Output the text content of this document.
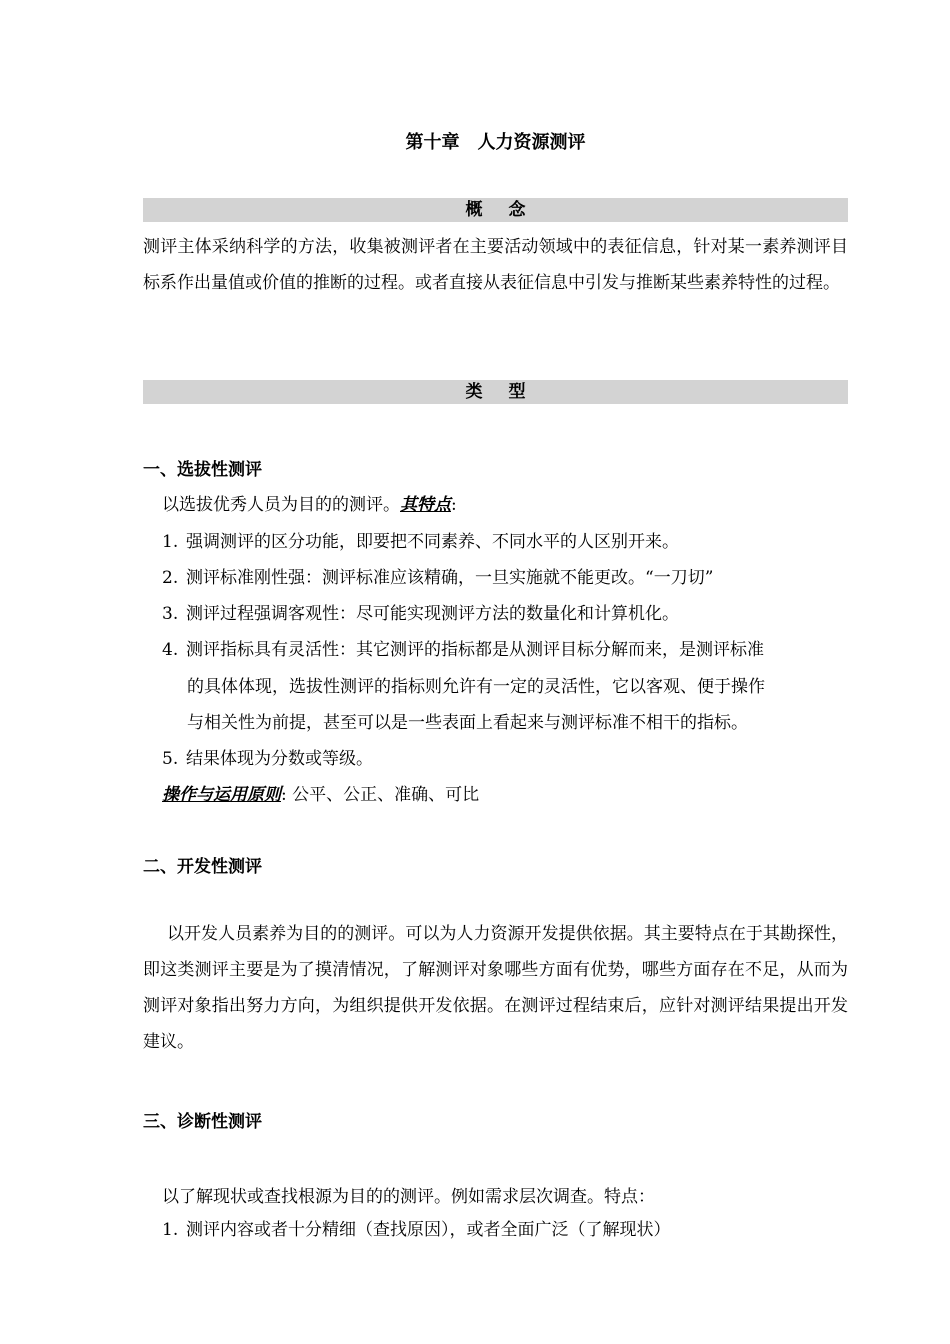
第十章　人力资源测评
概念
测评主体采纳科学的方法，收集被测评者在主要活动领域中的表征信息，针对某一素养测评目标系作出量值或价值的推断的过程。或者直接从表征信息中引发与推断某些素养特性的过程。
类型
一、选拔性测评
以选拔优秀人员为目的的测评。其特点:
1. 强调测评的区分功能，即要把不同素养、不同水平的人区别开来。
2. 测评标准刚性强：测评标准应该精确，一旦实施就不能更改。“一刀切”
3. 测评过程强调客观性：尽可能实现测评方法的数量化和计算机化。
4. 测评指标具有灵活性：其它测评的指标都是从测评目标分解而来，是测评标准
的具体体现，选拔性测评的指标则允许有一定的灵活性，它以客观、便于操作
与相关性为前提，甚至可以是一些表面上看起来与测评标准不相干的指标。
5. 结果体现为分数或等级。
操作与运用原则: 公平、公正、准确、可比
二、开发性测评
以开发人员素养为目的的测评。可以为人力资源开发提供依据。其主要特点在于其勘探性，即这类测评主要是为了摸清情况，了解测评对象哪些方面有优势，哪些方面存在不足，从而为测评对象指出努力方向，为组织提供开发依据。在测评过程结束后，应针对测评结果提出开发建议。
三、诊断性测评
以了解现状或查找根源为目的的测评。例如需求层次调查。特点：
1. 测评内容或者十分精细（查找原因），或者全面广泛（了解现状）
